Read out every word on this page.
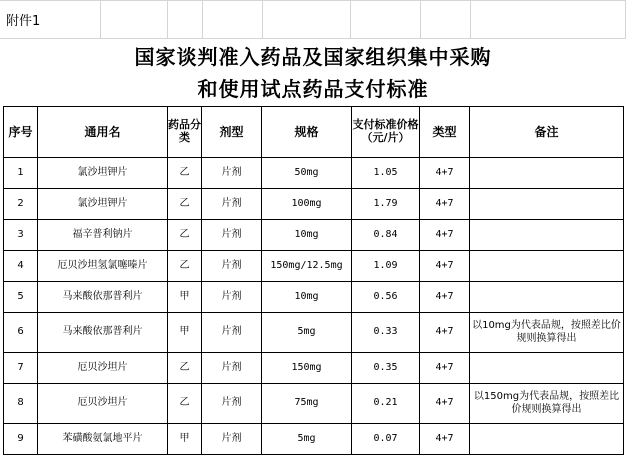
附件1
国家谈判准入药品及国家组织集中采购
和使用试点药品支付标准
序号	通用名	药品分类	剂型	规格	支付标准价格（元/片）	类型	备注
1	氯沙坦钾片	乙	片剂	50mg	1.05	4+7	
2	氯沙坦钾片	乙	片剂	100mg	1.79	4+7	
3	福辛普利钠片	乙	片剂	10mg	0.84	4+7	
4	厄贝沙坦氢氯噻嗪片	乙	片剂	150mg/12.5mg	1.09	4+7	
5	马来酸依那普利片	甲	片剂	10mg	0.56	4+7	
6	马来酸依那普利片	甲	片剂	5mg	0.33	4+7	以10mg为代表品规，按照差比价规则换算得出
7	厄贝沙坦片	乙	片剂	150mg	0.35	4+7	
8	厄贝沙坦片	乙	片剂	75mg	0.21	4+7	以150mg为代表品规，按照差比价规则换算得出
9	苯磺酸氨氯地平片	甲	片剂	5mg	0.07	4+7	
